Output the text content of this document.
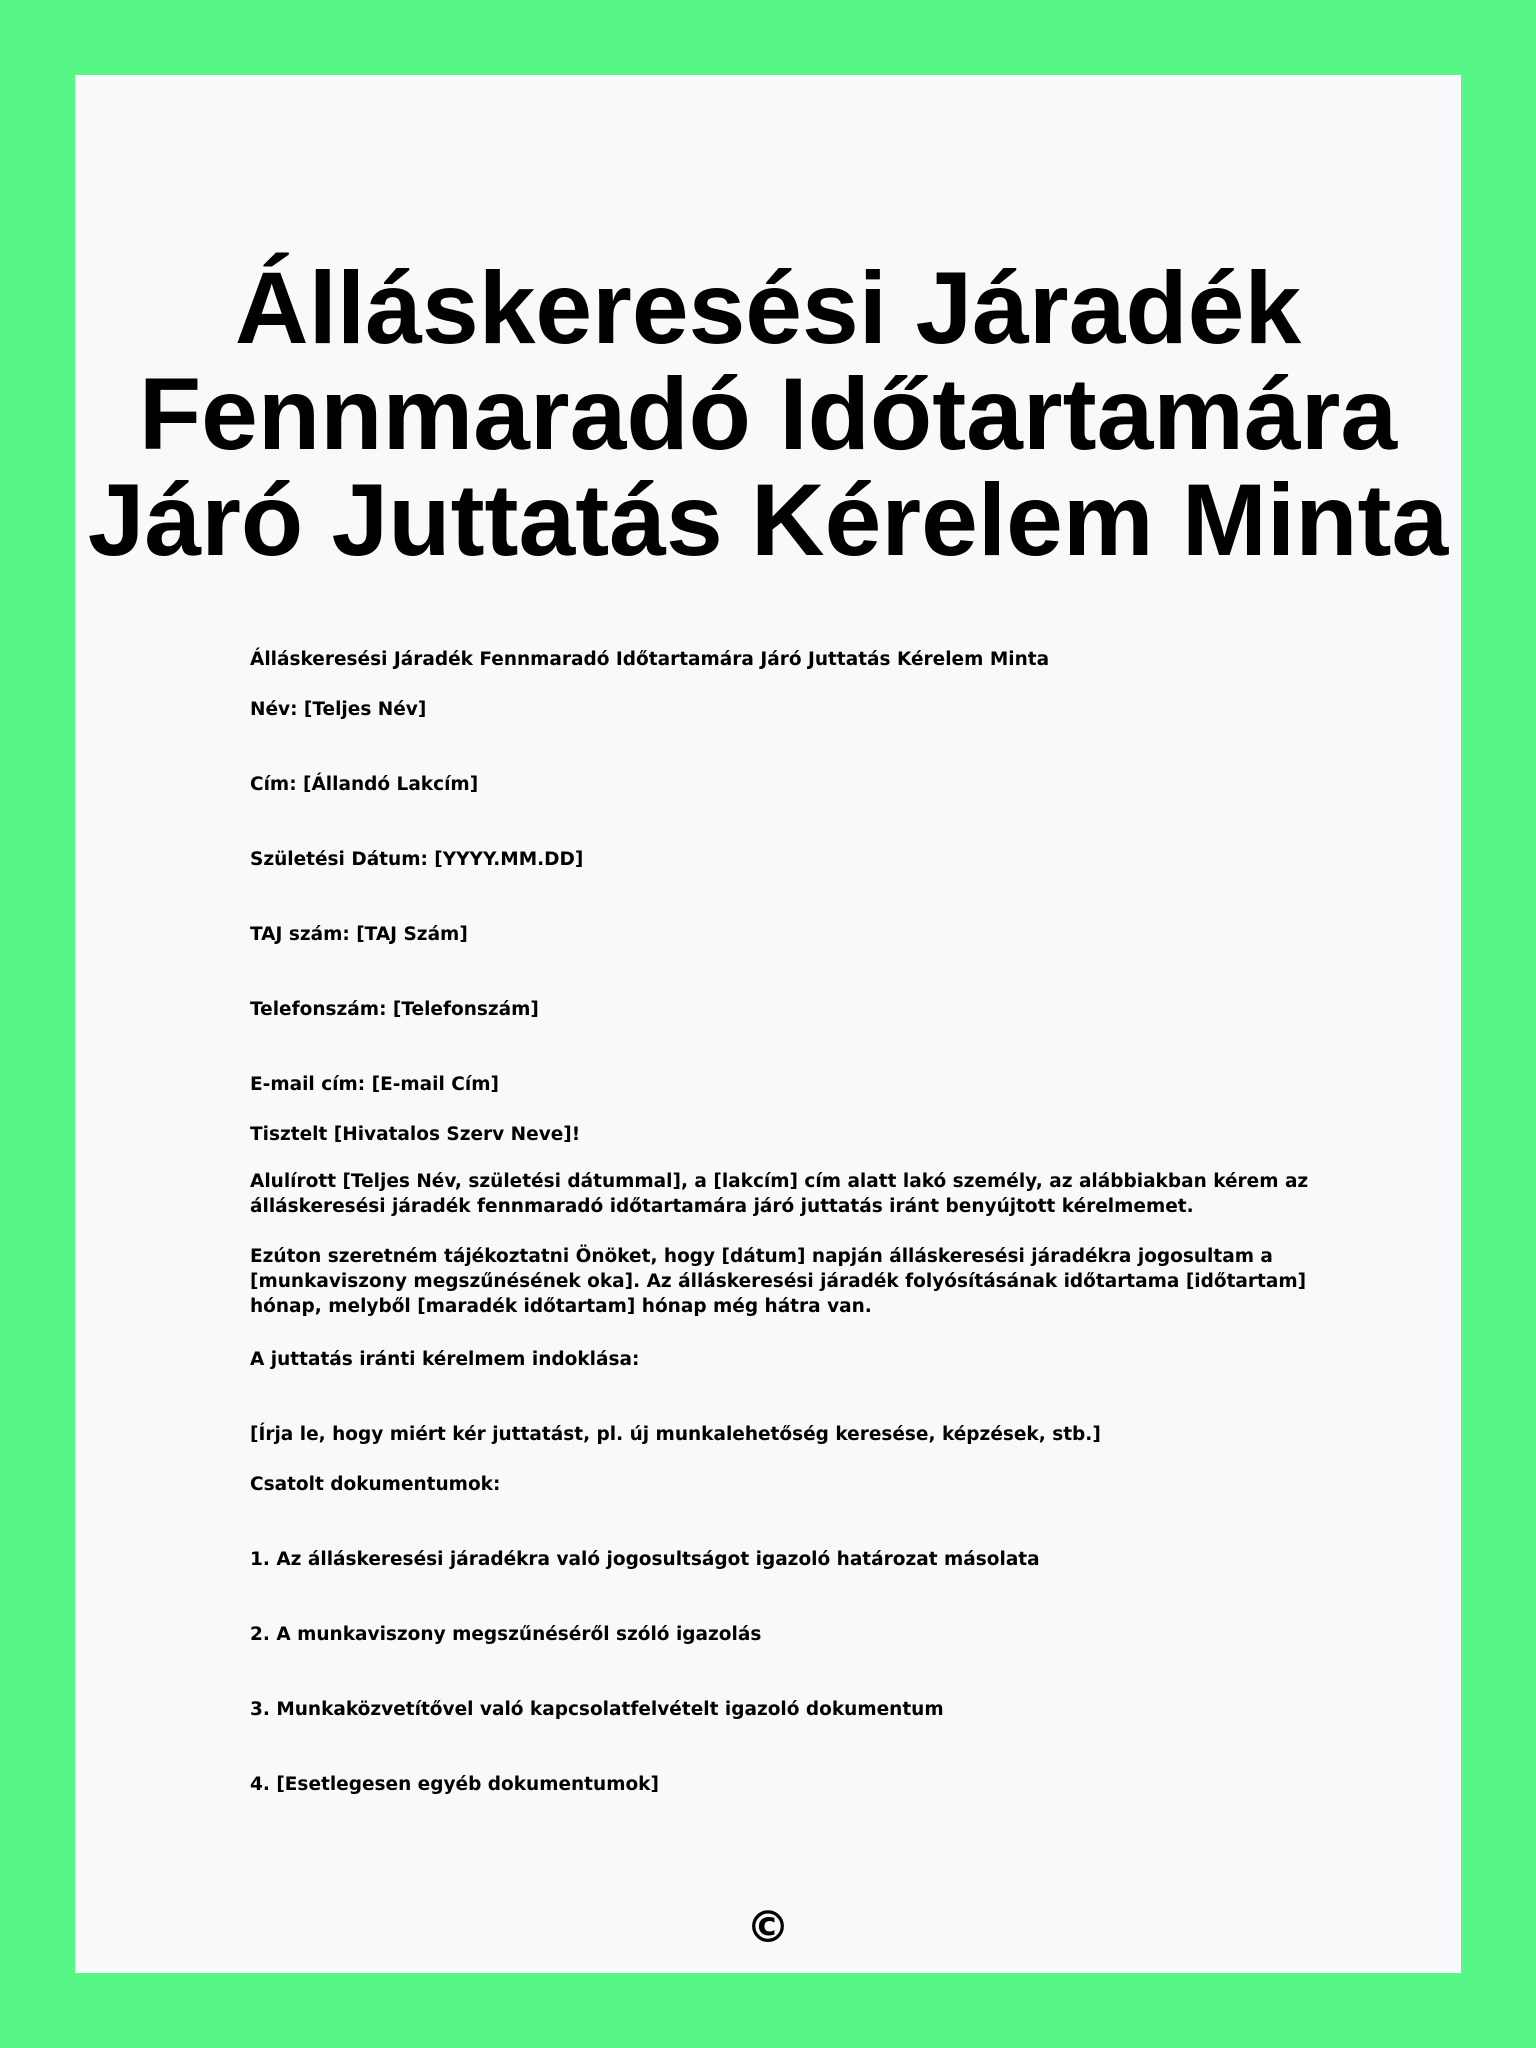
Álláskeresési Járadék Fennmaradó Időtartamára Járó Juttatás Kérelem Minta

Álláskeresési Járadék Fennmaradó Időtartamára Járó Juttatás Kérelem Minta

Név: [Teljes Név]

Cím: [Állandó Lakcím]

Születési Dátum: [YYYY.MM.DD]

TAJ szám: [TAJ Szám]

Telefonszám: [Telefonszám]

E-mail cím: [E-mail Cím]

Tisztelt [Hivatalos Szerv Neve]!

Alulírott [Teljes Név, születési dátummal], a [lakcím] cím alatt lakó személy, az alábbiakban kérem az álláskeresési járadék fennmaradó időtartamára járó juttatás iránt benyújtott kérelmemet.

Ezúton szeretném tájékoztatni Önöket, hogy [dátum] napján álláskeresési járadékra jogosultam a [munkaviszony megszűnésének oka]. Az álláskeresési járadék folyósításának időtartama [időtartam] hónap, melyből [maradék időtartam] hónap még hátra van.

A juttatás iránti kérelmem indoklása:

[Írja le, hogy miért kér juttatást, pl. új munkalehetőség keresése, képzések, stb.]

Csatolt dokumentumok:

1. Az álláskeresési járadékra való jogosultságot igazoló határozat másolata

2. A munkaviszony megszűnéséről szóló igazolás

3. Munkaközvetítővel való kapcsolatfelvételt igazoló dokumentum

4. [Esetlegesen egyéb dokumentumok]

©
